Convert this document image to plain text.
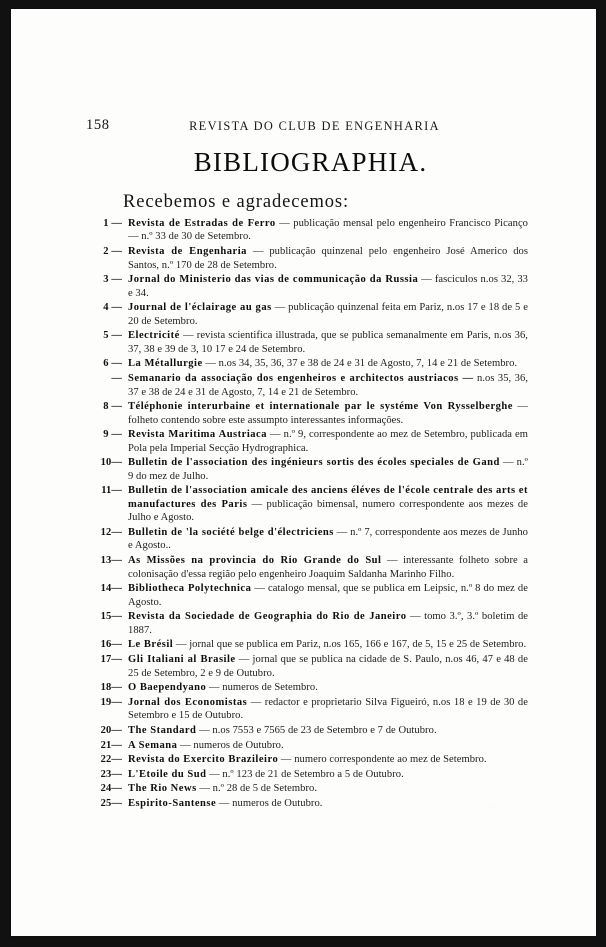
158	REVISTA DO CLUB DE ENGENHARIA
BIBLIOGRAPHIA.
Recebemos e agradecemos:
1 — Revista de Estradas de Ferro — publicação mensal pelo engenheiro Francisco Picanço — n.º 33 de 30 de Setembro.
2 — Revista de Engenharia — publicação quinzenal pelo engenheiro José Americo dos Santos, n.º 170 de 28 de Setembro.
3 — Jornal do Ministerio das vias de communicação da Russia — fasciculos n.os 32, 33 e 34.
4 — Journal de l'éclairage au gas — publicação quinzenal feita em Pariz, n.os 17 e 18 de 5 e 20 de Setembro.
5 — Electricité — revista scientifica illustrada, que se publica semanalmente em Paris, n.os 36, 37, 38 e 39 de 3, 10 17 e 24 de Setembro.
6 — La Métallurgie — n.os 34, 35, 36, 37 e 38 de 24 e 31 de Agosto, 7, 14 e 21 de Setembro.
— Semanario da associação dos engenheiros e architectos austriacos — n.os 35, 36, 37 e 38 de 24 e 31 de Agosto, 7, 14 e 21 de Setembro.
8 — Téléphonie interurbaine et internationale par le systéme Von Rysselberghe — folheto contendo sobre este assumpto interessantes informações.
9 — Revista Maritima Austriaca — n.º 9, correspondente ao mez de Setembro, publicada em Pola pela Imperial Secção Hydrographica.
10— Bulletin de l'association des ingénieurs sortis des écoles speciales de Gand — n.º 9 do mez de Julho.
11— Bulletin de l'association amicale des anciens éléves de l'école centrale des arts et manufactures des Paris — publicação bimensal, numero correspondente aos mezes de Julho e Agosto.
12— Bulletin de 'la société belge d'électriciens — n.º 7, correspondente aos mezes de Junho e Agosto..
13— As Missões na provincia do Rio Grande do Sul — interessante folheto sobre a colonisação d'essa região pelo engenheiro Joaquim Saldanha Marinho Filho.
14— Bibliotheca Polytechnica — catalogo mensal, que se publica em Leipsic, n.º 8 do mez de Agosto.
15— Revista da Sociedade de Geographia do Rio de Janeiro — tomo 3.º, 3.º boletim de 1887.
16— Le Brésil — jornal que se publica em Pariz, n.os 165, 166 e 167, de 5, 15 e 25 de Setembro.
17— Gli Italiani al Brasile — jornal que se publica na cidade de S. Paulo, n.os 46, 47 e 48 de 25 de Setembro, 2 e 9 de Outubro.
18— O Baependyano — numeros de Setembro.
19— Jornal dos Economistas — redactor e proprietario Silva Figueiró, n.os 18 e 19 de 30 de Setembro e 15 de Outubro.
20— The Standard — n.os 7553 e 7565 de 23 de Setembro e 7 de Outubro.
21— A Semana — numeros de Outubro.
22— Revista do Exercito Brazileiro — numero correspondente ao mez de Setembro.
23— L'Etoile du Sud — n.º 123 de 21 de Setembro a 5 de Outubro.
24— The Rio News — n.º 28 de 5 de Setembro.
25— Espirito-Santense — numeros de Outubro.
